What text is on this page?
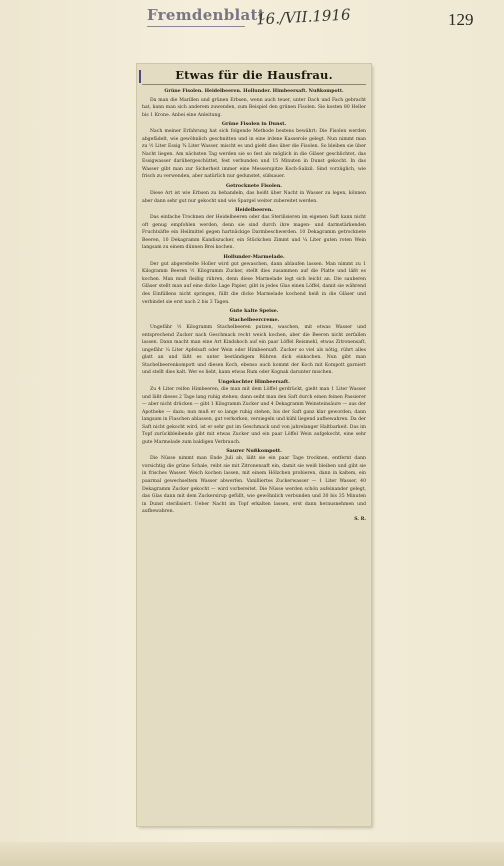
Fremdenblatt
16./VII.1916	129
Etwas für die Hausfrau.

Grüne Fisolen. Heidelbeeren. Hollunder. Himbeersaft. Nußkompott.

Da man die Marillen und grünen Erbsen, wenn auch teuer, unter Dach und Fach gebracht hat, kann man sich anderem zuwenden, zum Beispiel den grünen Fisolen. Sie kosten 80 Heller bis 1 Krone. Anbei eine Anleitung.

Grüne Fisolen in Dunst.

Nach meiner Erfahrung hat sich folgende Methode bestens bewährt: Die Fisolen werden abgefädelt, wie gewöhnlich geschnitten und in eine irdene Kasserole gelegt. Nun nimmt man zu ½ Liter Essig ¾ Liter Wasser, mischt es und gießt dies über die Fisolen. So bleiben sie über Nacht liegen. Am nächsten Tag werden sie so fest als möglich in die Gläser geschlichtet, das Essigwasser darübergeschüttet, fest verbunden und 15 Minuten in Dunst gekocht. In das Wasser gibt man zur Sicherheit immer eine Messerspitze Koch-Salizil. Sind vorzüglich, wie frisch zu verwenden, aber natürlich nur gedunstet, süßsauer.

Getrocknete Fisolen.

Diese Art ist wie Erbsen zu behandeln, das heißt über Nacht in Wasser zu legen, können aber dann sehr gut nur gekocht und wie Spargel weiter zubereitet werden.

Heidelbeeren.

Das einfache Trocknen der Heidelbeeren oder das Sterilisieren im eigenen Saft kann nicht oft genug empfohlen werden, denn sie sind durch ihre magen- und darmstärkenden Fruchtsäfte ein Heilmittel gegen hartnäckige Darmbeschwerden. 10 Dekagramm getrocknete Beeren, 10 Dekagramm Kandiszucker, ein Stückchen Zimmt und ¼ Liter guten roten Wein langsam zu einem dünnen Brei kochen.

Hollunder-Marmelade.

Der gut abgerebelte Holler wird gut gewaschen, dann ablaufen lassen. Man nimmt zu 1 Kilogramm Beeren ½ Kilogramm Zucker, stellt dies zusammen auf die Platte und läßt es kochen. Man muß fleißig rühren, denn diese Marmelade legt sich leicht an. Die sauberen Gläser stellt man auf eine dicke Lage Papier, gibt in jedes Glas einen Löffel, damit sie während des Einfüllens nicht springen, füllt die dicke Marmelade kochend heiß in die Gläser und verbindet sie erst nach 2 bis 3 Tagen.

Gute kalte Speise.

Stachelbeercreme.

Ungefähr ½ Kilogramm Stachelbeeren putzen, waschen, mit etwas Wasser und entsprechend Zucker nach Geschmack recht weich kochen, aber die Beeren nicht zerfallen lassen. Dann macht man eine Art Kindskoch auf ein paar Löffel Reismehl, etwas Zitronensaft, ungefähr ¼ Liter Apfelsaft oder Wein oder Himbeersaft. Zucker so viel als nötig, rührt alles glatt an und läßt es unter beständigem Rühren dick einkochen. Nun gibt man Stachelbeerenkompott und diesen Koch, ebenso auch kommt der Koch mit Kompott garniert und stellt dies kalt. Wer es liebt, kann etwas Rum oder Kognak darunter mischen.

Ungekochter Himbeersaft.

Zu 4 Liter reifen Himbeeren, die man mit dem Löffel gerdrückt, gießt man 1 Liter Wasser und läßt dieses 2 Tage lang ruhig stehen; dann seiht man den Saft durch einen feinen Passierer — aber nicht drücken — gibt 1 Kilogramm Zucker und 4 Dekagramm Weinsteinsäure — aus der Apotheke — dazu; nun muß er so lange ruhig stehen, bis der Saft ganz klar geworden, dann langsam in Flaschen ablassen, gut verkorken, versiegeln und kühl liegend aufbewahren. Da der Saft nicht gekocht wird, ist er sehr gut im Geschmack und von jahrelanger Haltbarkeit. Das im Topf zurückbleibende gibt mit etwas Zucker und ein paar Löffel Wein aufgekocht, eine sehr gute Marmelade zum baldigen Verbrauch.

Saurer Nußkompott.

Die Nüsse nimmt man Ende Juli ab, läßt sie ein paar Tage trocknen, entfernt dann vorsichtig die grüne Schale, reibt sie mit Zitronensaft ein, damit sie weiß bleiben und gibt sie in frisches Wasser. Weich kochen lassen, mit einem Hölzchen probieren, dann in kaltem, ein paarmal gewechseltem Wasser abwerfen. Vanilliertes Zuckerwasser — 1 Liter Wasser, 40 Dekagramm Zucker gekocht — wird vorbereitet. Die Nüsse werden schön aufeinander gelegt, das Glas dann mit dem Zuckersirup gefüllt, wie gewöhnlich verbunden und 30 bis 35 Minuten in Dunst sterilisiert. Ueber Nacht im Topf erkalten lassen, erst dann herausnehmen und aufbewahren.

S. R.
